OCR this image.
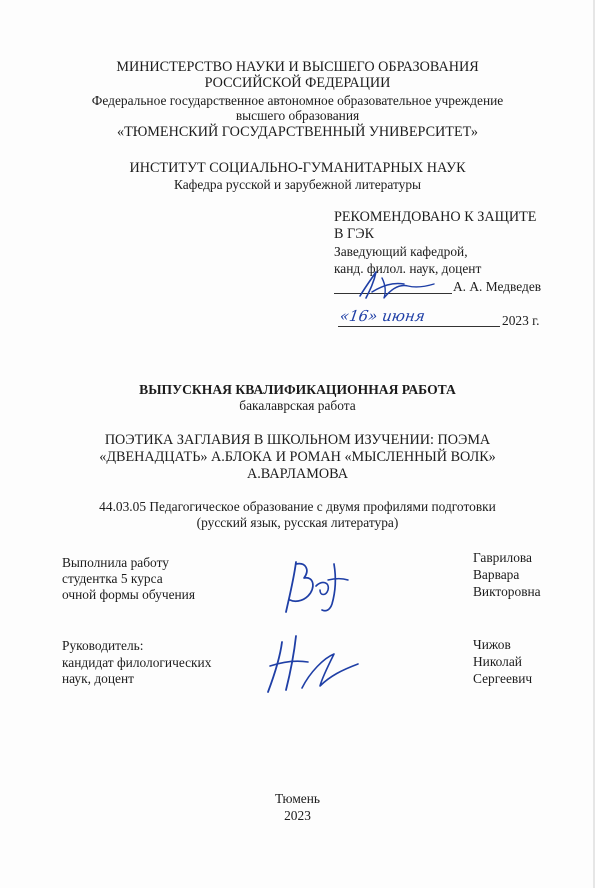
МИНИСТЕРСТВО НАУКИ И ВЫСШЕГО ОБРАЗОВАНИЯ
РОССИЙСКОЙ ФЕДЕРАЦИИ
Федеральное государственное автономное образовательное учреждение
высшего образования
«ТЮМЕНСКИЙ ГОСУДАРСТВЕННЫЙ УНИВЕРСИТЕТ»
ИНСТИТУТ СОЦИАЛЬНО-ГУМАНИТАРНЫХ НАУК
Кафедра русской и зарубежной литературы
РЕКОМЕНДОВАНО К ЗАЩИТЕ
В ГЭК
Заведующий кафедрой,
канд. филол. наук, доцент
А. А. Медведев
«16» июня	2023 г.
ВЫПУСКНАЯ КВАЛИФИКАЦИОННАЯ РАБОТА
бакалаврская работа
ПОЭТИКА ЗАГЛАВИЯ В ШКОЛЬНОМ ИЗУЧЕНИИ: ПОЭМА
«ДВЕНАДЦАТЬ» А.БЛОКА И РОМАН «МЫСЛЕННЫЙ ВОЛК»
А.ВАРЛАМОВА
44.03.05 Педагогическое образование с двумя профилями подготовки
(русский язык, русская литература)
Выполнила работу
студентка 5 курса
очной формы обучения
Гаврилова
Варвара
Викторовна
Руководитель:
кандидат филологических
наук, доцент
Чижов
Николай
Сергеевич
Тюмень
2023
